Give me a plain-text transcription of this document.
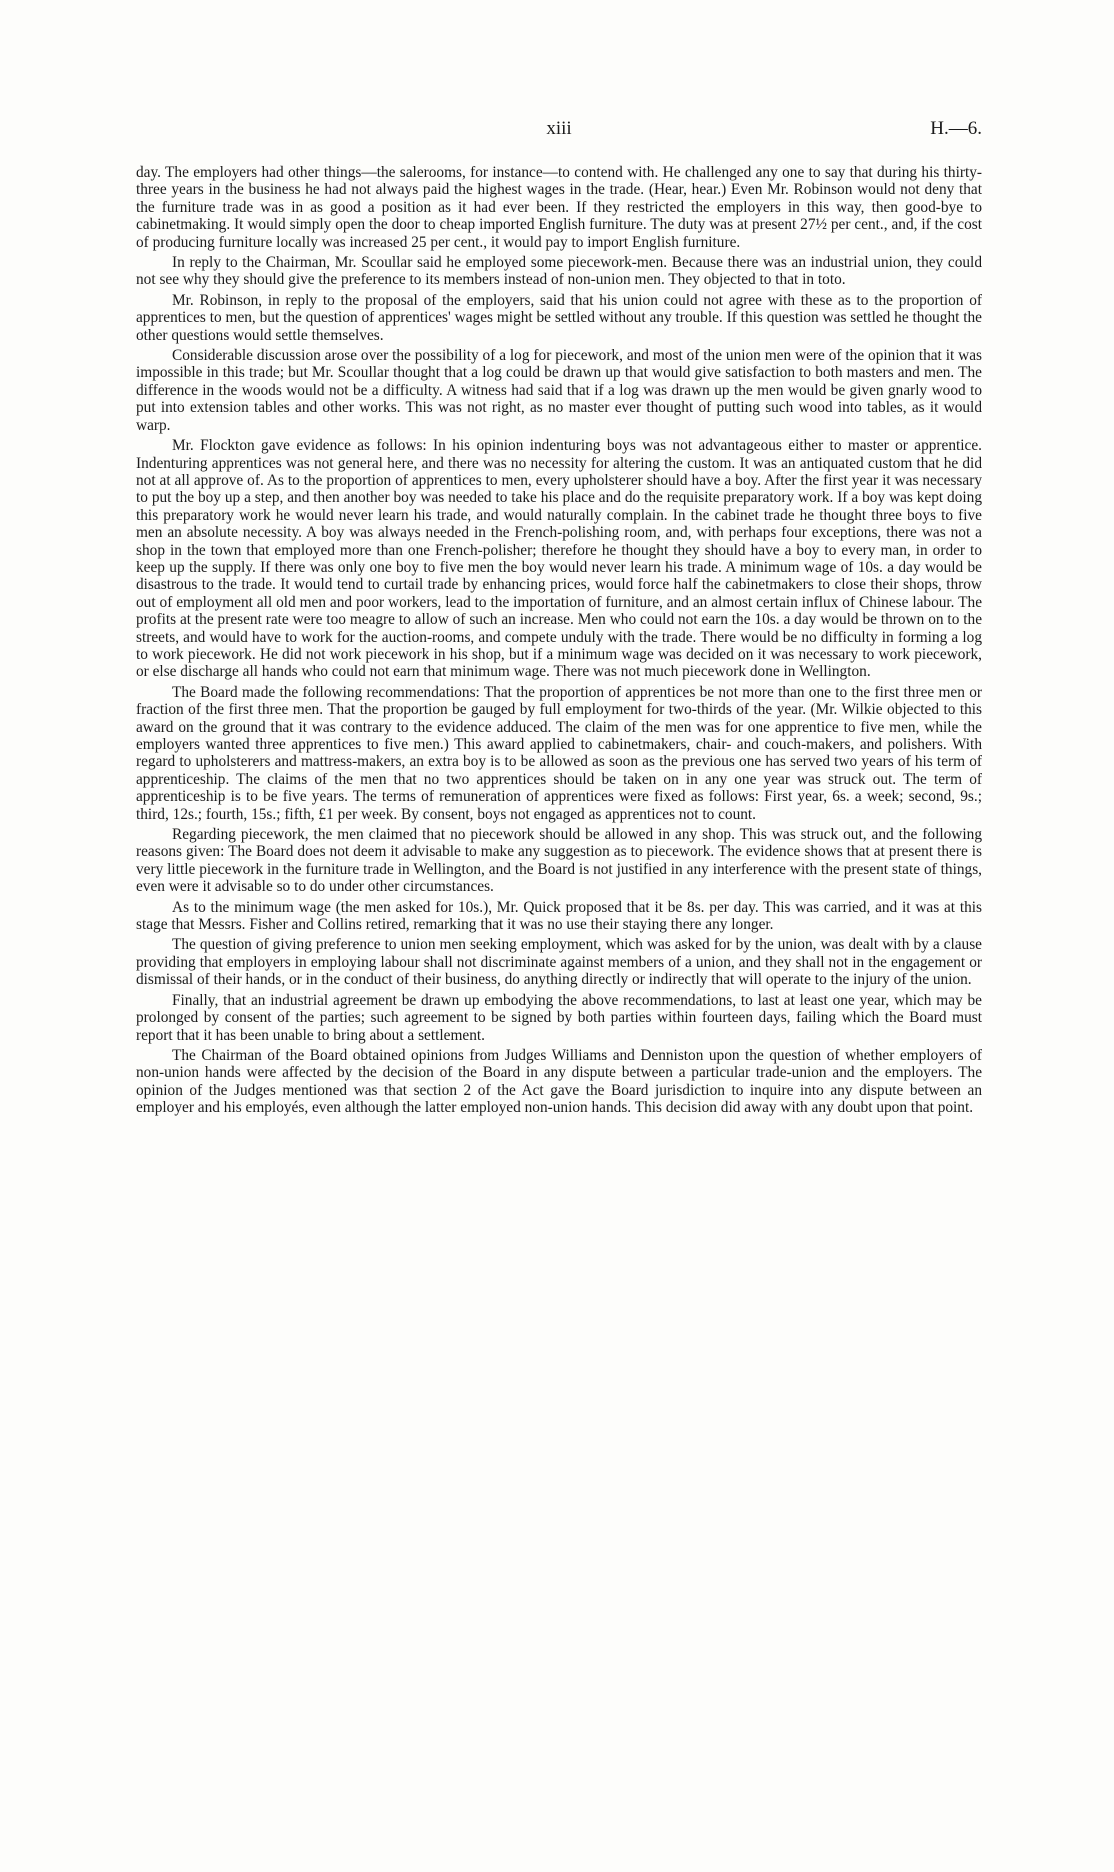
xiii	H.—6.

day. The employers had other things—the salerooms, for instance—to contend with. He challenged any one to say that during his thirty-three years in the business he had not always paid the highest wages in the trade. (Hear, hear.) Even Mr. Robinson would not deny that the furniture trade was in as good a position as it had ever been. If they restricted the employers in this way, then good-bye to cabinetmaking. It would simply open the door to cheap imported English furniture. The duty was at present 27½ per cent., and, if the cost of producing furniture locally was increased 25 per cent., it would pay to import English furniture.

In reply to the Chairman, Mr. Scoullar said he employed some piecework-men. Because there was an industrial union, they could not see why they should give the preference to its members instead of non-union men. They objected to that in toto.

Mr. Robinson, in reply to the proposal of the employers, said that his union could not agree with these as to the proportion of apprentices to men, but the question of apprentices' wages might be settled without any trouble. If this question was settled he thought the other questions would settle themselves.

Considerable discussion arose over the possibility of a log for piecework, and most of the union men were of the opinion that it was impossible in this trade; but Mr. Scoullar thought that a log could be drawn up that would give satisfaction to both masters and men. The difference in the woods would not be a difficulty. A witness had said that if a log was drawn up the men would be given gnarly wood to put into extension tables and other works. This was not right, as no master ever thought of putting such wood into tables, as it would warp.

Mr. Flockton gave evidence as follows: In his opinion indenturing boys was not advantageous either to master or apprentice. Indenturing apprentices was not general here, and there was no necessity for altering the custom. It was an antiquated custom that he did not at all approve of. As to the proportion of apprentices to men, every upholsterer should have a boy. After the first year it was necessary to put the boy up a step, and then another boy was needed to take his place and do the requisite preparatory work. If a boy was kept doing this preparatory work he would never learn his trade, and would naturally complain. In the cabinet trade he thought three boys to five men an absolute necessity. A boy was always needed in the French-polishing room, and, with perhaps four exceptions, there was not a shop in the town that employed more than one French-polisher; therefore he thought they should have a boy to every man, in order to keep up the supply. If there was only one boy to five men the boy would never learn his trade. A minimum wage of 10s. a day would be disastrous to the trade. It would tend to curtail trade by enhancing prices, would force half the cabinetmakers to close their shops, throw out of employment all old men and poor workers, lead to the importation of furniture, and an almost certain influx of Chinese labour. The profits at the present rate were too meagre to allow of such an increase. Men who could not earn the 10s. a day would be thrown on to the streets, and would have to work for the auction-rooms, and compete unduly with the trade. There would be no difficulty in forming a log to work piecework. He did not work piecework in his shop, but if a minimum wage was decided on it was necessary to work piecework, or else discharge all hands who could not earn that minimum wage. There was not much piecework done in Wellington.

The Board made the following recommendations: That the proportion of apprentices be not more than one to the first three men or fraction of the first three men. That the proportion be gauged by full employment for two-thirds of the year. (Mr. Wilkie objected to this award on the ground that it was contrary to the evidence adduced. The claim of the men was for one apprentice to five men, while the employers wanted three apprentices to five men.) This award applied to cabinetmakers, chair- and couch-makers, and polishers. With regard to upholsterers and mattress-makers, an extra boy is to be allowed as soon as the previous one has served two years of his term of apprenticeship. The claims of the men that no two apprentices should be taken on in any one year was struck out. The term of apprenticeship is to be five years. The terms of remuneration of apprentices were fixed as follows: First year, 6s. a week; second, 9s.; third, 12s.; fourth, 15s.; fifth, £1 per week. By consent, boys not engaged as apprentices not to count.

Regarding piecework, the men claimed that no piecework should be allowed in any shop. This was struck out, and the following reasons given: The Board does not deem it advisable to make any suggestion as to piecework. The evidence shows that at present there is very little piecework in the furniture trade in Wellington, and the Board is not justified in any interference with the present state of things, even were it advisable so to do under other circumstances.

As to the minimum wage (the men asked for 10s.), Mr. Quick proposed that it be 8s. per day. This was carried, and it was at this stage that Messrs. Fisher and Collins retired, remarking that it was no use their staying there any longer.

The question of giving preference to union men seeking employment, which was asked for by the union, was dealt with by a clause providing that employers in employing labour shall not discriminate against members of a union, and they shall not in the engagement or dismissal of their hands, or in the conduct of their business, do anything directly or indirectly that will operate to the injury of the union.

Finally, that an industrial agreement be drawn up embodying the above recommendations, to last at least one year, which may be prolonged by consent of the parties; such agreement to be signed by both parties within fourteen days, failing which the Board must report that it has been unable to bring about a settlement.

The Chairman of the Board obtained opinions from Judges Williams and Denniston upon the question of whether employers of non-union hands were affected by the decision of the Board in any dispute between a particular trade-union and the employers. The opinion of the Judges mentioned was that section 2 of the Act gave the Board jurisdiction to inquire into any dispute between an employer and his employés, even although the latter employed non-union hands. This decision did away with any doubt upon that point.
